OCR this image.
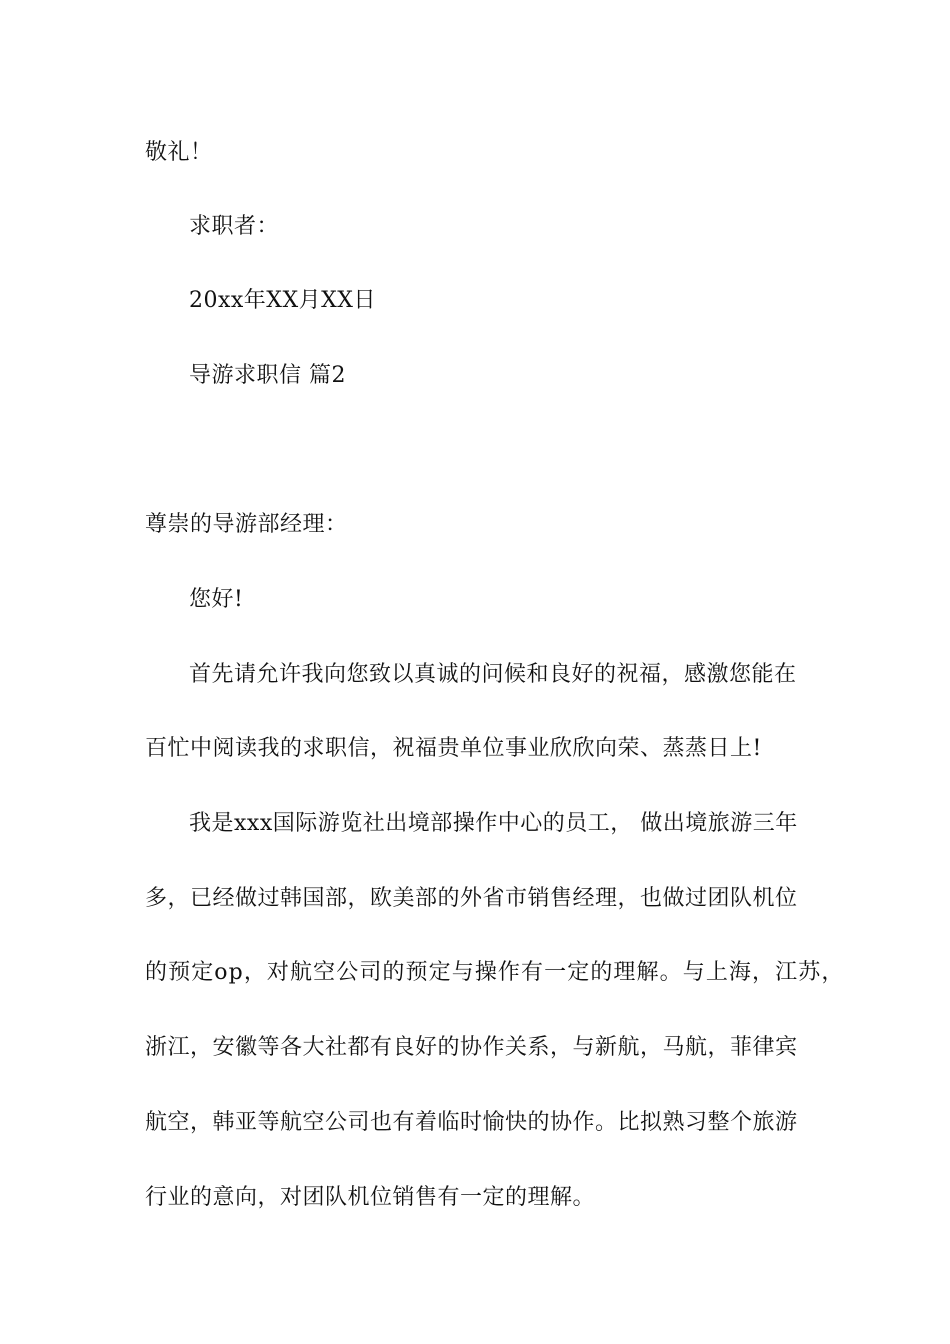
敬礼！
求职者：
20xx年XX月XX日
导游求职信 篇2
尊崇的导游部经理：
您好!
首先请允许我向您致以真诚的问候和良好的祝福，感激您能在
百忙中阅读我的求职信，祝福贵单位事业欣欣向荣、蒸蒸日上!
我是xxx国际游览社出境部操作中心的员工， 做出境旅游三年
多，已经做过韩国部，欧美部的外省市销售经理，也做过团队机位
的预定op，对航空公司的预定与操作有一定的理解。与上海，江苏，
浙江，安徽等各大社都有良好的协作关系，与新航，马航，菲律宾
航空，韩亚等航空公司也有着临时愉快的协作。比拟熟习整个旅游
行业的意向，对团队机位销售有一定的理解。
